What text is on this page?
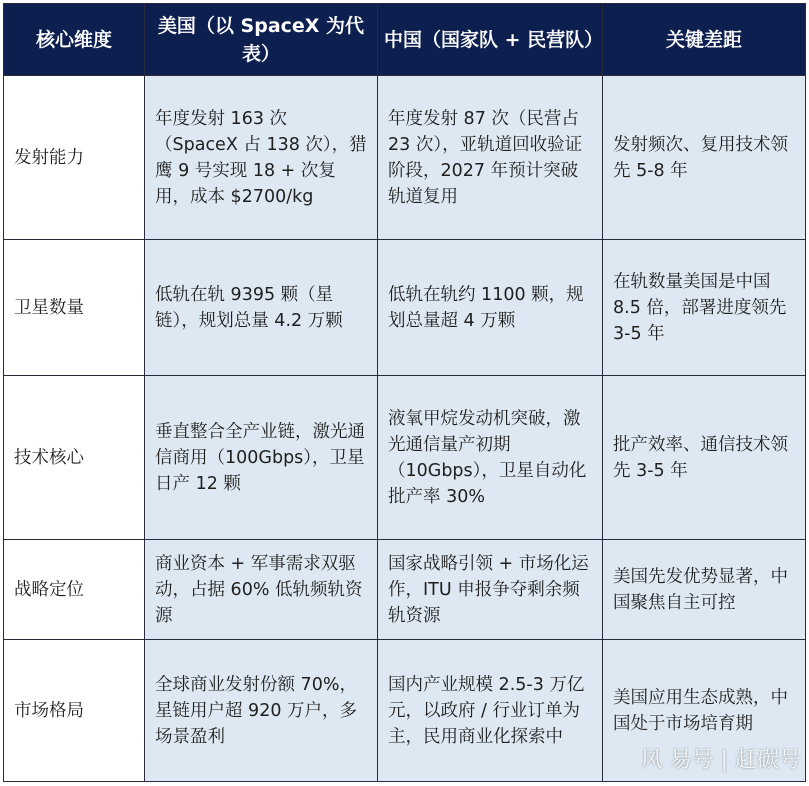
核心维度	美国（以 SpaceX 为代表）	中国（国家队 + 民营队）	关键差距
发射能力	年度发射 163 次（SpaceX 占 138 次），猎鹰 9 号实现 18 + 次复用，成本 $2700/kg	年度发射 87 次（民营占 23 次），亚轨道回收验证阶段，2027 年预计突破轨道复用	发射频次、复用技术领先 5-8 年
卫星数量	低轨在轨 9395 颗（星链），规划总量 4.2 万颗	低轨在轨约 1100 颗，规划总量超 4 万颗	在轨数量美国是中国 8.5 倍，部署进度领先 3-5 年
技术核心	垂直整合全产业链，激光通信商用（100Gbps），卫星日产 12 颗	液氧甲烷发动机突破，激光通信量产初期（10Gbps），卫星自动化批产率 30%	批产效率、通信技术领先 3-5 年
战略定位	商业资本 + 军事需求双驱动，占据 60% 低轨频轨资源	国家战略引领 + 市场化运作，ITU 申报争夺剩余频轨资源	美国先发优势显著，中国聚焦自主可控
市场格局	全球商业发射份额 70%，星链用户超 920 万户，多场景盈利	国内产业规模 2.5-3 万亿元，以政府 / 行业订单为主，民用商业化探索中	美国应用生态成熟，中国处于市场培育期
风 易号 | 赶碳号
